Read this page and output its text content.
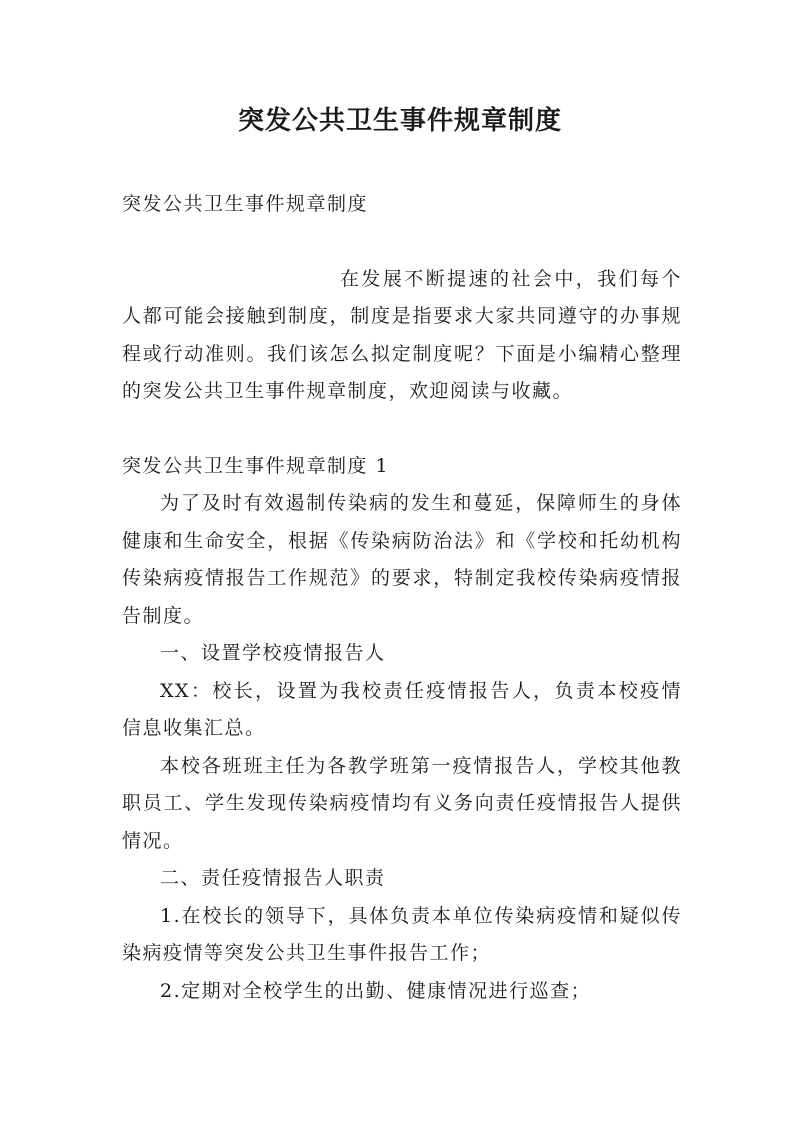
突发公共卫生事件规章制度

突发公共卫生事件规章制度

在发展不断提速的社会中，我们每个人都可能会接触到制度，制度是指要求大家共同遵守的办事规程或行动准则。我们该怎么拟定制度呢？下面是小编精心整理的突发公共卫生事件规章制度，欢迎阅读与收藏。

突发公共卫生事件规章制度 1

为了及时有效遏制传染病的发生和蔓延，保障师生的身体健康和生命安全，根据《传染病防治法》和《学校和托幼机构传染病疫情报告工作规范》的要求，特制定我校传染病疫情报告制度。

一、设置学校疫情报告人

XX：校长，设置为我校责任疫情报告人，负责本校疫情信息收集汇总。

本校各班班主任为各教学班第一疫情报告人，学校其他教职员工、学生发现传染病疫情均有义务向责任疫情报告人提供情况。

二、责任疫情报告人职责

1.在校长的领导下，具体负责本单位传染病疫情和疑似传染病疫情等突发公共卫生事件报告工作；

2.定期对全校学生的出勤、健康情况进行巡查；
